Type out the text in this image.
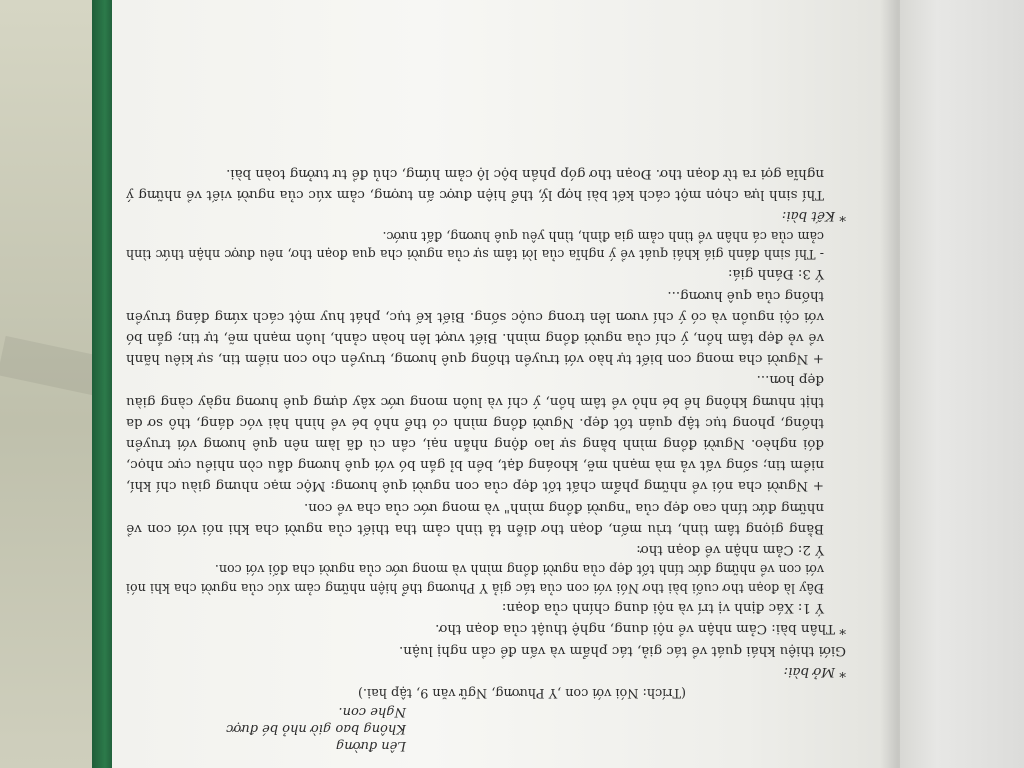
Lên đường
Không bao giờ nhỏ bé được
Nghe con.
(Trích: Nói với con ,Y Phương, Ngữ văn 9, tập hai.)
* Mở bài:
Giới thiệu khái quát về tác giả, tác phẩm và vấn đề cần nghị luận.
* Thân bài: Cảm nhận về nội dung, nghệ thuật của đoạn thơ.
Ý 1: Xác định vị trí và nội dung chính của đoạn:
Đây là đoạn thơ cuối bài thơ Nói với con của tác giả Y Phương thể hiện những cảm xúc của người cha khi nói với con về những đức tính tốt đẹp của người đồng mình và mong ước của người cha đối với con.
Ý 2: Cảm nhận về đoạn thơ:
Bằng giọng tâm tình, trìu mến, đoạn thơ diễn tả tình cảm tha thiết của người cha khi nói với con về những đức tính cao đẹp của "người đồng mình" và mong ước của cha về con.
+ Người cha nói về những phẩm chất tốt đẹp của con người quê hương: Mộc mạc nhưng giàu chí khí, niềm tin; sống vất vả mà mạnh mẽ, khoáng đạt, bền bỉ gắn bó với quê hương dẫu còn nhiều cực nhọc, đói nghèo. Người đồng mình bằng sự lao động nhẫn nại, cần cù đã làm nên quê hương với truyền thống, phong tục tập quán tốt đẹp. Người đồng mình có thể nhỏ bé về hình hài vóc dáng, thô sơ da thịt nhưng không hề bé nhỏ về tâm hồn, ý chí và luôn mong ước xây dựng quê hương ngày càng giàu đẹp hơn...
+ Người cha mong con biết tự hào với truyền thống quê hương, truyền cho con niềm tin, sự kiêu hãnh về vẻ đẹp tâm hồn, ý chí của người đồng mình. Biết vượt lên hoàn cảnh, luôn mạnh mẽ, tự tin; gắn bó với cội nguồn và có ý chí vươn lên trong cuộc sống. Biết kế tục, phát huy một cách xứng đáng truyền thống của quê hương...
Ý 3: Đánh giá:
- Thí sinh đánh giá khái quát về ý nghĩa của lời tâm sự của người cha qua đoạn thơ, nêu được nhận thức tình cảm của cá nhân về tình cảm gia đình, tình yêu quê hương, đất nước.
* Kết bài:
Thí sinh lựa chọn một cách kết bài hợp lý, thể hiện được ấn tượng, cảm xúc của người viết về những ý nghĩa gợi ra từ đoạn thơ. Đoạn thơ góp phần bộc lộ cảm hứng, chủ đề tư tưởng toàn bài.
